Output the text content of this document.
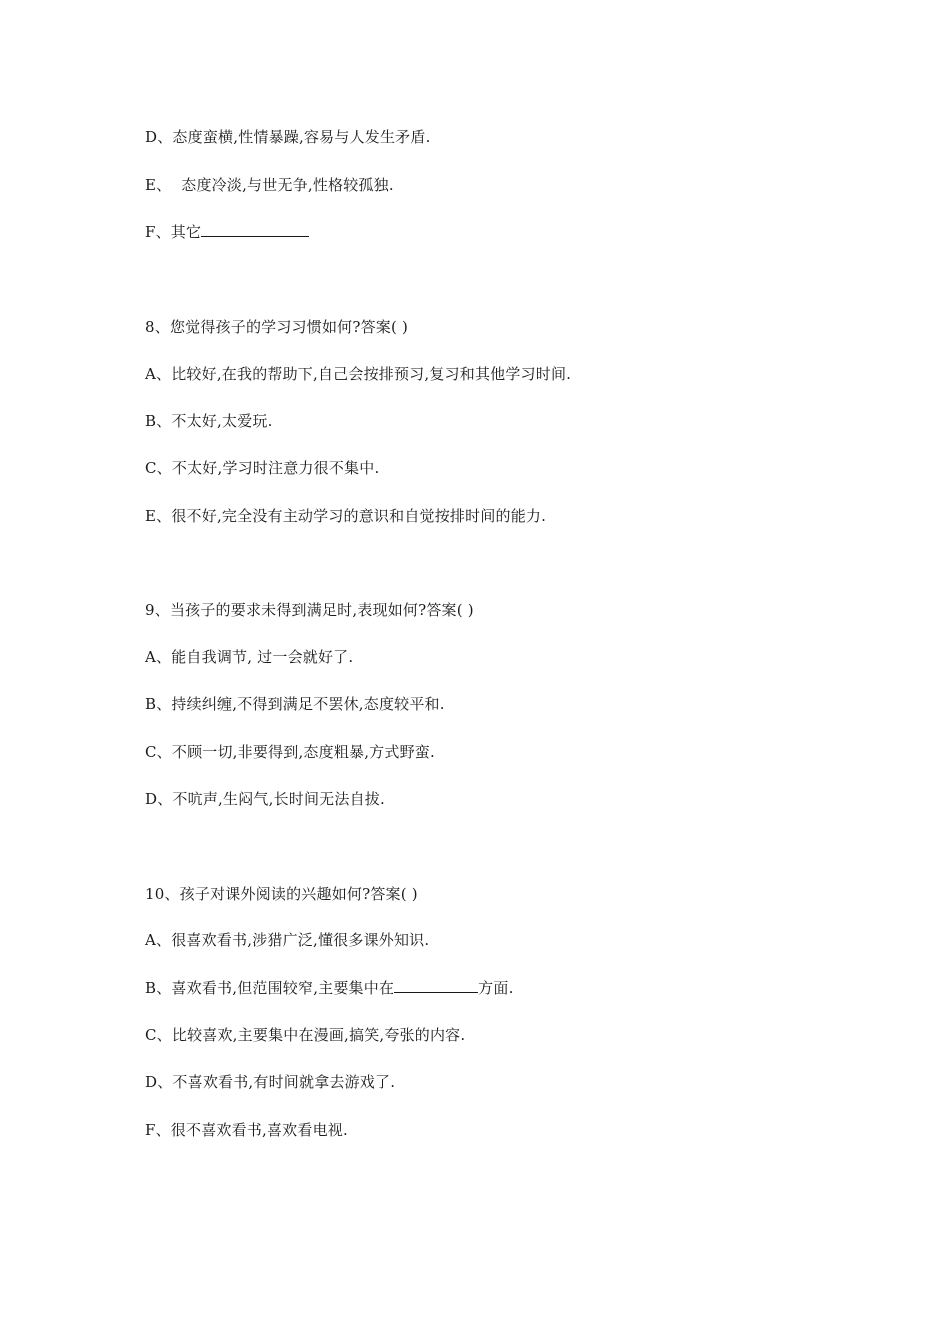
D、态度蛮横,性情暴躁,容易与人发生矛盾.
E、  态度冷淡,与世无争,性格较孤独.
F、其它
8、您觉得孩子的学习习惯如何?答案( )
A、比较好,在我的帮助下,自己会按排预习,复习和其他学习时间.
B、不太好,太爱玩.
C、不太好,学习时注意力很不集中.
E、很不好,完全没有主动学习的意识和自觉按排时间的能力.
9、当孩子的要求未得到满足时,表现如何?答案( )
A、能自我调节, 过一会就好了.
B、持续纠缠,不得到满足不罢休,态度较平和.
C、不顾一切,非要得到,态度粗暴,方式野蛮.
D、不吭声,生闷气,长时间无法自拔.
10、孩子对课外阅读的兴趣如何?答案( )
A、很喜欢看书,涉猎广泛,懂很多课外知识.
B、喜欢看书,但范围较窄,主要集中在	方面.
C、比较喜欢,主要集中在漫画,搞笑,夸张的内容.
D、不喜欢看书,有时间就拿去游戏了.
F、很不喜欢看书,喜欢看电视.
